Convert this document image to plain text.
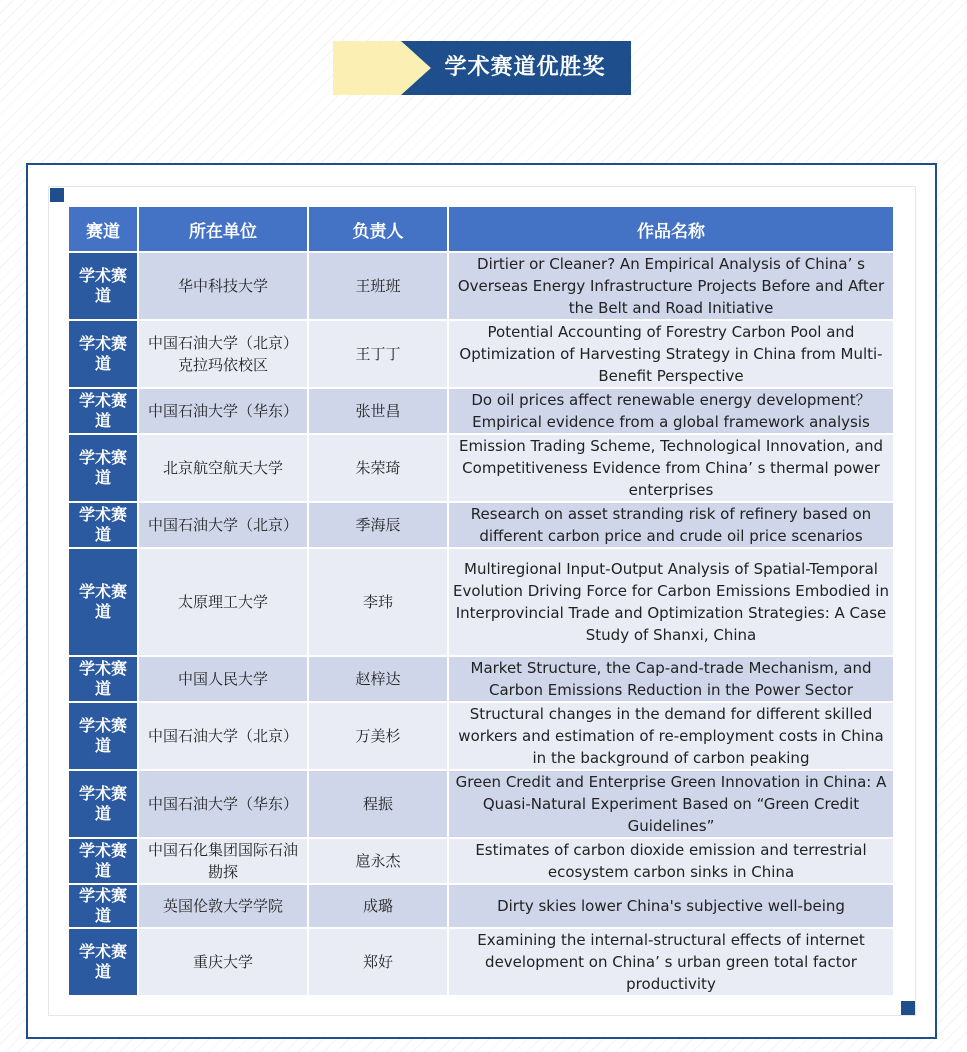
学术赛道优胜奖
赛道	所在单位	负责人	作品名称
学术赛道	华中科技大学	王班班	Dirtier or Cleaner? An Empirical Analysis of China’ s Overseas Energy Infrastructure Projects Before and After the Belt and Road Initiative
学术赛道	中国石油大学（北京）克拉玛依校区	王丁丁	Potential Accounting of Forestry Carbon Pool and Optimization of Harvesting Strategy in China from Multi-Benefit Perspective
学术赛道	中国石油大学（华东）	张世昌	Do oil prices affect renewable energy development？ Empirical evidence from a global framework analysis
学术赛道	北京航空航天大学	朱荣琦	Emission Trading Scheme, Technological Innovation, and Competitiveness Evidence from China’ s thermal power enterprises
学术赛道	中国石油大学（北京）	季海辰	Research on asset stranding risk of refinery based on different carbon price and crude oil price scenarios
学术赛道	太原理工大学	李玮	Multiregional Input-Output Analysis of Spatial-Temporal Evolution Driving Force for Carbon Emissions Embodied in Interprovincial Trade and Optimization Strategies: A Case Study of Shanxi, China
学术赛道	中国人民大学	赵梓达	Market Structure, the Cap-and-trade Mechanism, and Carbon Emissions Reduction in the Power Sector
学术赛道	中国石油大学（北京）	万美杉	Structural changes in the demand for different skilled workers and estimation of re-employment costs in China in the background of carbon peaking
学术赛道	中国石油大学（华东）	程振	Green Credit and Enterprise Green Innovation in China: A Quasi-Natural Experiment Based on “Green Credit Guidelines”
学术赛道	中国石化集团国际石油勘探	扈永杰	Estimates of carbon dioxide emission and terrestrial ecosystem carbon sinks in China
学术赛道	英国伦敦大学学院	成璐	Dirty skies lower China's subjective well-being
学术赛道	重庆大学	郑好	Examining the internal-structural effects of internet development on China’ s urban green total factor productivity
